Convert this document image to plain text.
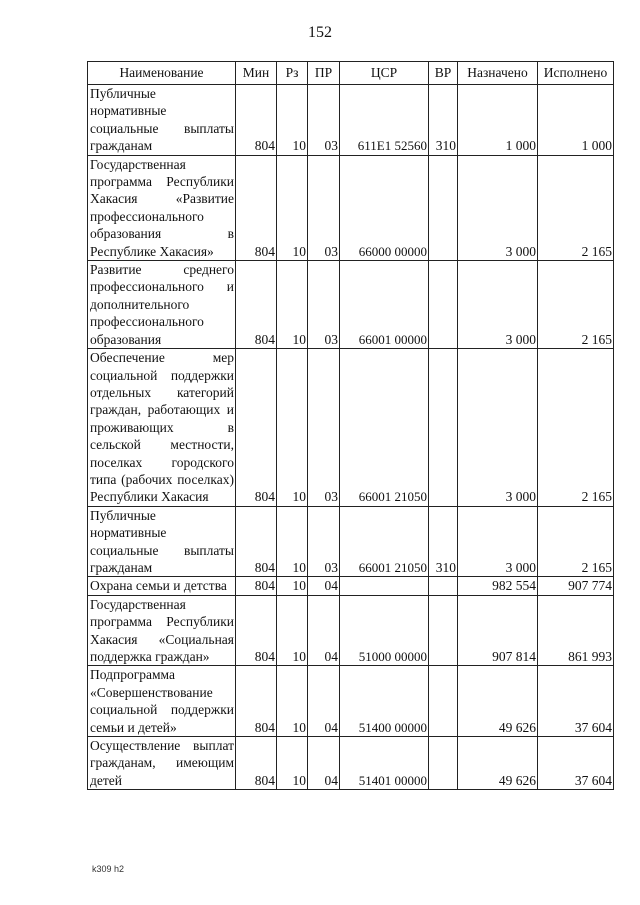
152
Наименование	Мин	Рз	ПР	ЦСР	ВР	Назначено	Исполнено
Публичные нормативные социальные выплаты гражданам	804	10	03	611E1 52560	310	1 000	1 000
Государственная программа Республики Хакасия «Развитие профессионального образования в Республике Хакасия»	804	10	03	66000 00000		3 000	2 165
Развитие среднего профессионального и дополнительного профессионального образования	804	10	03	66001 00000		3 000	2 165
Обеспечение мер социальной поддержки отдельных категорий граждан, работающих и проживающих в сельской местности, поселках городского типа (рабочих поселках) Республики Хакасия	804	10	03	66001 21050		3 000	2 165
Публичные нормативные социальные выплаты гражданам	804	10	03	66001 21050	310	3 000	2 165
Охрана семьи и детства	804	10	04			982 554	907 774
Государственная программа Республики Хакасия «Социальная поддержка граждан»	804	10	04	51000 00000		907 814	861 993
Подпрограмма «Совершенствование социальной поддержки семьи и детей»	804	10	04	51400 00000		49 626	37 604
Осуществление выплат гражданам, имеющим детей	804	10	04	51401 00000		49 626	37 604
k309 h2
